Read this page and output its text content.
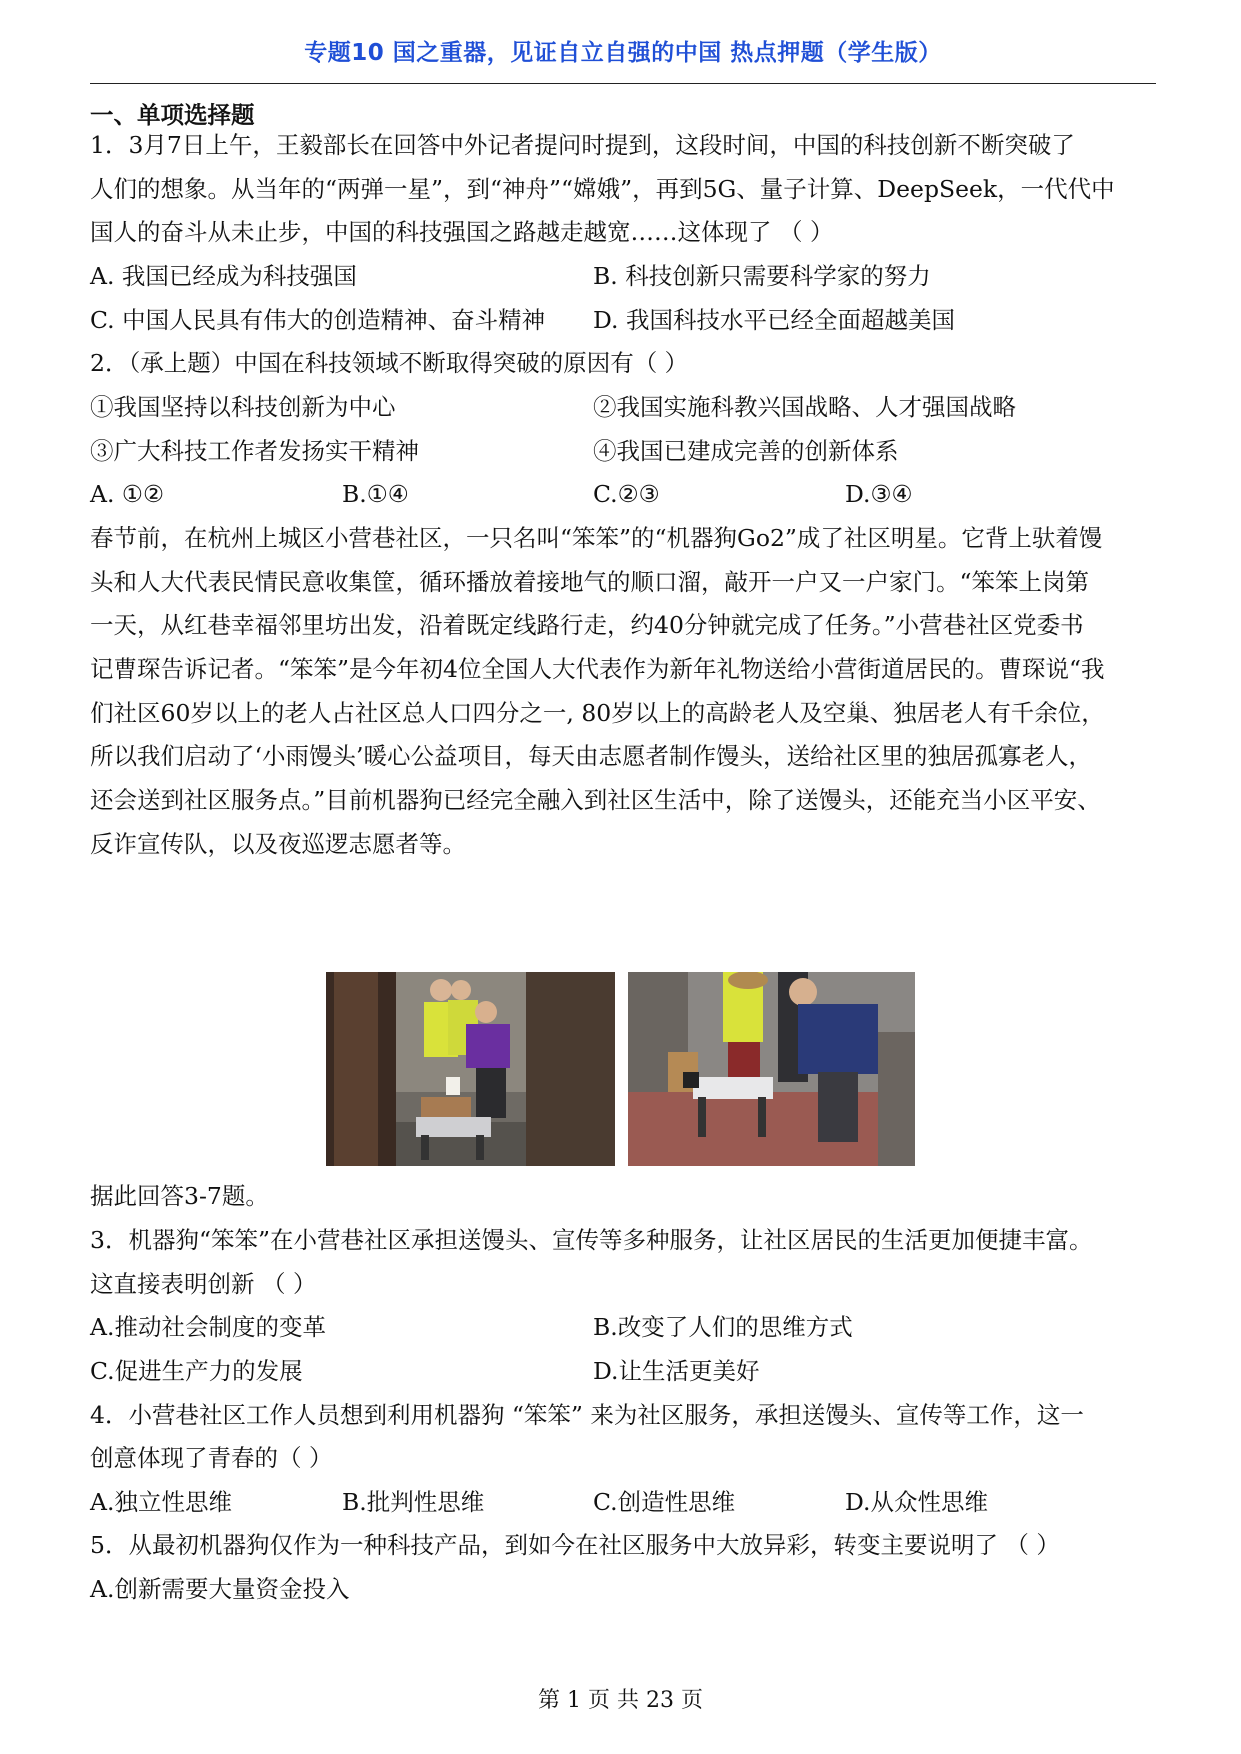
专题10 国之重器，见证自立自强的中国 热点押题（学生版）
一、单项选择题
1．3月7日上午，王毅部长在回答中外记者提问时提到，这段时间，中国的科技创新不断突破了
人们的想象。从当年的“两弹一星”，到“神舟”“嫦娥”，再到5G、量子计算、DeepSeek，一代代中
国人的奋斗从未止步，中国的科技强国之路越走越宽……这体现了 （ ）
A. 我国已经成为科技强国	B. 科技创新只需要科学家的努力
C. 中国人民具有伟大的创造精神、奋斗精神 D. 我国科技水平已经全面超越美国
2．（承上题）中国在科技领域不断取得突破的原因有（ ）
①我国坚持以科技创新为中心	②我国实施科教兴国战略、人才强国战略
③广大科技工作者发扬实干精神	④我国已建成完善的创新体系
A. ①②	B.①④	C.②③	D.③④
春节前，在杭州上城区小营巷社区，一只名叫“笨笨”的“机器狗Go2”成了社区明星。它背上驮着馒
头和人大代表民情民意收集筐，循环播放着接地气的顺口溜，敲开一户又一户家门。“笨笨上岗第
一天，从红巷幸福邻里坊出发，沿着既定线路行走，约40分钟就完成了任务。”小营巷社区党委书
记曹琛告诉记者。“笨笨”是今年初4位全国人大代表作为新年礼物送给小营街道居民的。曹琛说“我
们社区60岁以上的老人占社区总人口四分之一, 80岁以上的高龄老人及空巢、独居老人有千余位，
所以我们启动了‘小雨馒头’暖心公益项目，每天由志愿者制作馒头，送给社区里的独居孤寡老人，
还会送到社区服务点。”目前机器狗已经完全融入到社区生活中，除了送馒头，还能充当小区平安、
反诈宣传队，以及夜巡逻志愿者等。
据此回答3-7题。
3．机器狗“笨笨”在小营巷社区承担送馒头、宣传等多种服务，让社区居民的生活更加便捷丰富。
这直接表明创新 （ ）
A.推动社会制度的变革	B.改变了人们的思维方式
C.促进生产力的发展	D.让生活更美好
4．小营巷社区工作人员想到利用机器狗 “笨笨” 来为社区服务，承担送馒头、宣传等工作，这一
创意体现了青春的（ ）
A.独立性思维	B.批判性思维	C.创造性思维	D.从众性思维
5．从最初机器狗仅作为一种科技产品，到如今在社区服务中大放异彩，转变主要说明了 （ ）
A.创新需要大量资金投入
第 1 页 共 23 页
